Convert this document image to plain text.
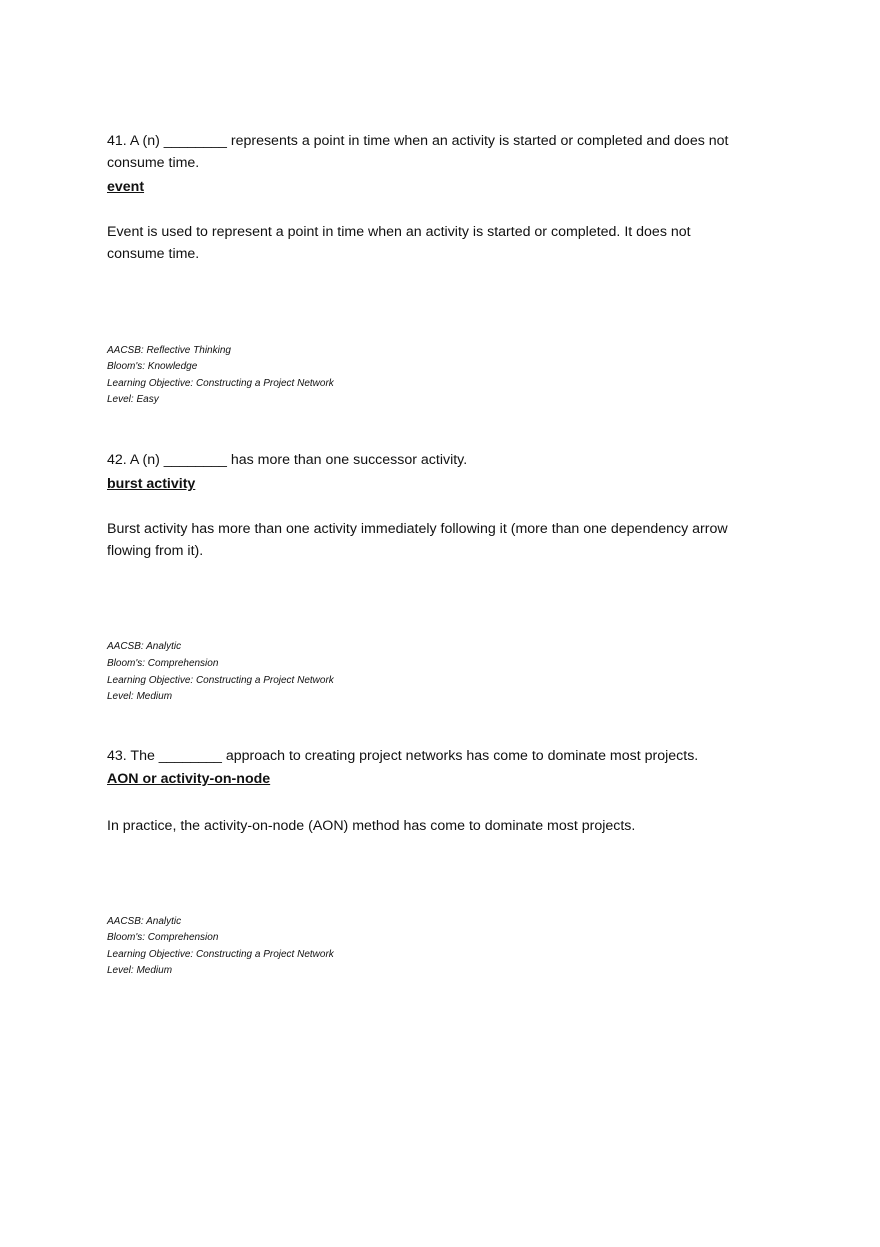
41. A (n) ________ represents a point in time when an activity is started or completed and does not
consume time.
event
Event is used to represent a point in time when an activity is started or completed. It does not
consume time.
AACSB: Reflective Thinking
Bloom's: Knowledge
Learning Objective: Constructing a Project Network
Level: Easy
42. A (n) ________ has more than one successor activity.
burst activity
Burst activity has more than one activity immediately following it (more than one dependency arrow
flowing from it).
AACSB: Analytic
Bloom's: Comprehension
Learning Objective: Constructing a Project Network
Level: Medium
43. The ________ approach to creating project networks has come to dominate most projects.
AON or activity-on-node
In practice, the activity-on-node (AON) method has come to dominate most projects.
AACSB: Analytic
Bloom's: Comprehension
Learning Objective: Constructing a Project Network
Level: Medium
